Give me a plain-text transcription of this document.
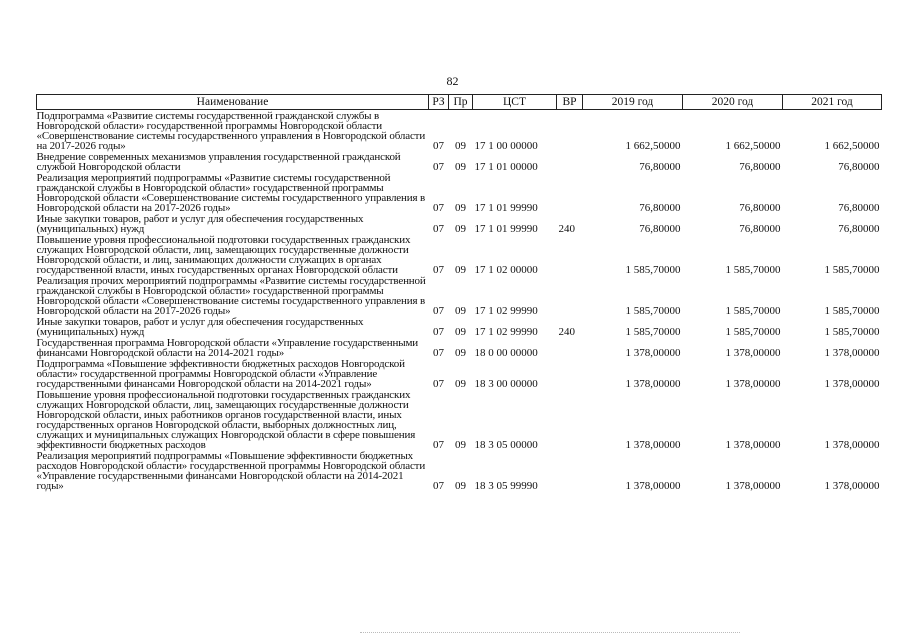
82
Наименование	РЗ	Пр	ЦСТ	ВР	2019 год	2020 год	2021 год
Подпрограмма «Развитие системы государственной гражданской службы в Новгородской области» государственной программы Новгородской области «Совершенствование системы государственного управления в Новгородской области на 2017-2026 годы»	07	09	17 1 00 00000		1 662,50000	1 662,50000	1 662,50000
Внедрение современных механизмов управления государственной гражданской службой Новгородской области	07	09	17 1 01 00000		76,80000	76,80000	76,80000
Реализация мероприятий подпрограммы «Развитие системы государственной гражданской службы в Новгородской области» государственной программы Новгородской области «Совершенствование системы государственного управления в Новгородской области на 2017-2026 годы»	07	09	17 1 01 99990		76,80000	76,80000	76,80000
Иные закупки товаров, работ и услуг для обеспечения государственных (муниципальных) нужд	07	09	17 1 01 99990	240	76,80000	76,80000	76,80000
Повышение уровня профессиональной подготовки государственных гражданских служащих Новгородской области, лиц, замещающих государственные должности Новгородской области, и лиц, занимающих должности служащих в органах государственной власти, иных государственных органах Новгородской области	07	09	17 1 02 00000		1 585,70000	1 585,70000	1 585,70000
Реализация прочих мероприятий подпрограммы «Развитие системы государственной гражданской службы в Новгородской области» государственной программы Новгородской области «Совершенствование системы государственного управления в Новгородской области на 2017-2026 годы»	07	09	17 1 02 99990		1 585,70000	1 585,70000	1 585,70000
Иные закупки товаров, работ и услуг для обеспечения государственных (муниципальных) нужд	07	09	17 1 02 99990	240	1 585,70000	1 585,70000	1 585,70000
Государственная программа Новгородской области «Управление государственными финансами Новгородской области на 2014-2021 годы»	07	09	18 0 00 00000		1 378,00000	1 378,00000	1 378,00000
Подпрограмма «Повышение эффективности бюджетных расходов Новгородской области» государственной программы Новгородской области «Управление государственными финансами Новгородской области на 2014-2021 годы»	07	09	18 3 00 00000		1 378,00000	1 378,00000	1 378,00000
Повышение уровня профессиональной подготовки государственных гражданских служащих Новгородской области, лиц, замещающих государственные должности Новгородской области, иных работников органов государственной власти, иных государственных органов Новгородской области, выборных должностных лиц, служащих и муниципальных служащих Новгородской области в сфере повышения эффективности бюджетных расходов	07	09	18 3 05 00000		1 378,00000	1 378,00000	1 378,00000
Реализация мероприятий подпрограммы «Повышение эффективности бюджетных расходов Новгородской области» государственной программы Новгородской области «Управление государственными финансами Новгородской области на 2014-2021 годы»	07	09	18 3 05 99990		1 378,00000	1 378,00000	1 378,00000
